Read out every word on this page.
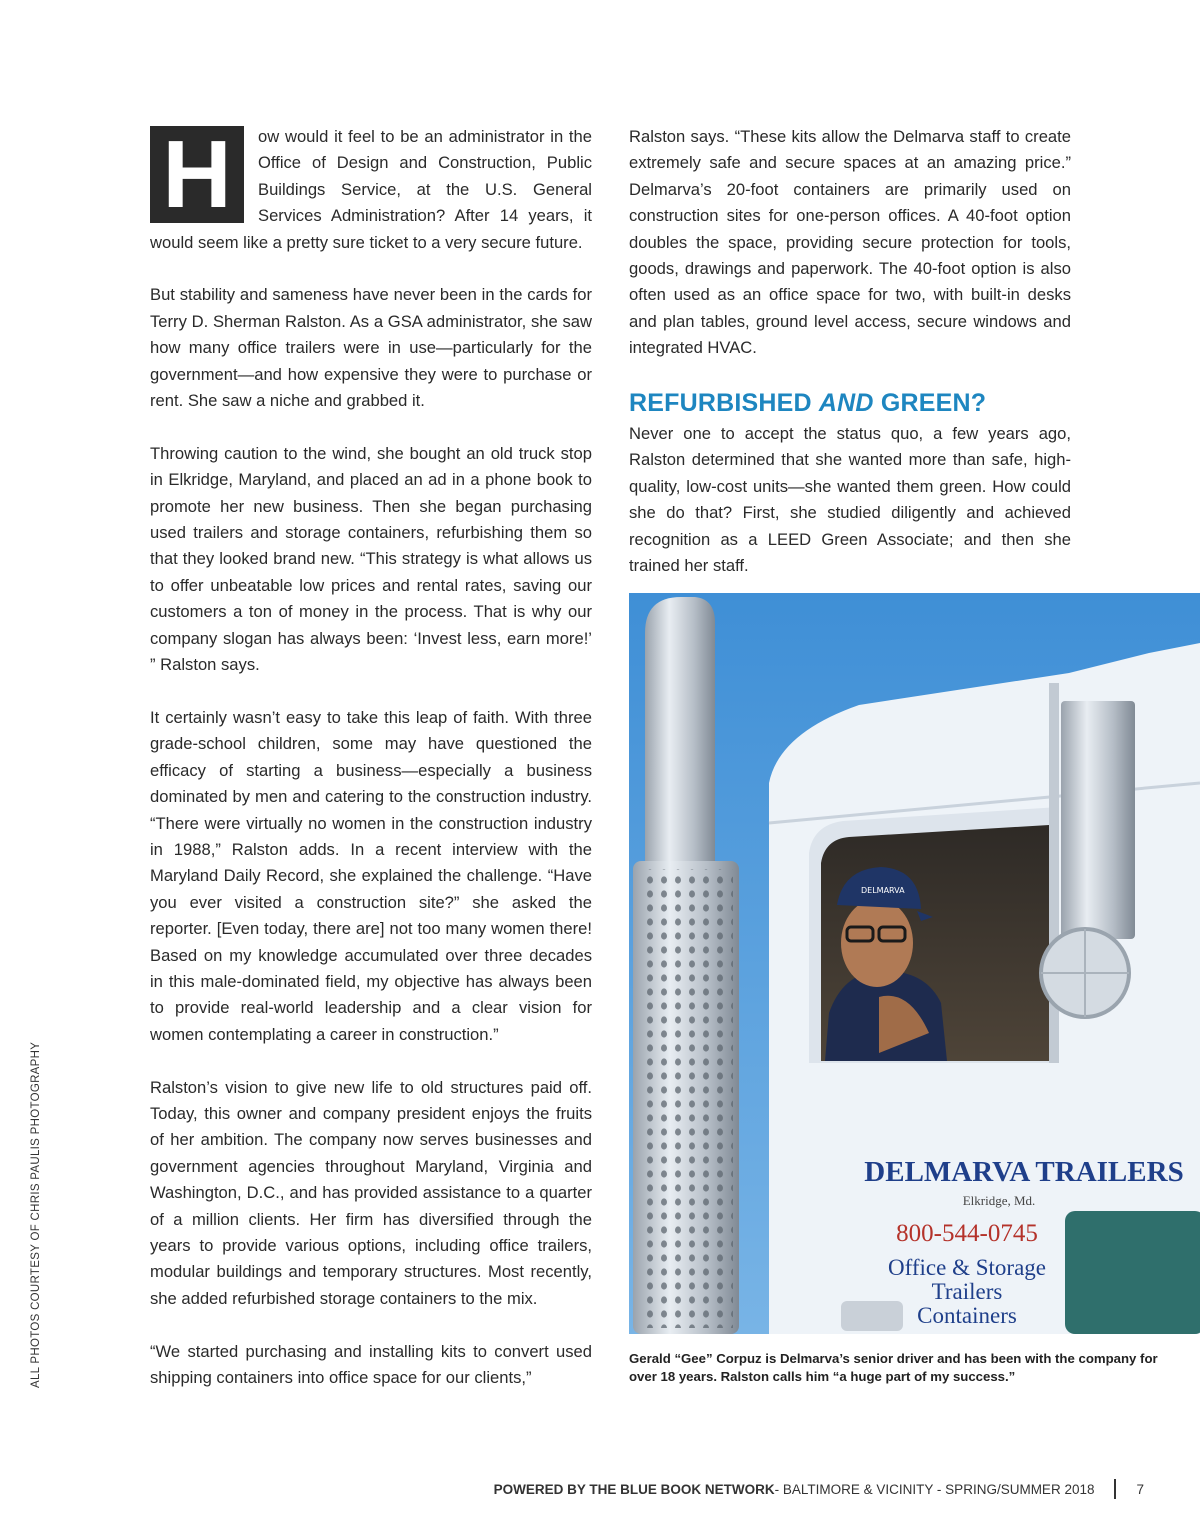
H	ow would it feel to be an administrator in the Office of Design and Construction, Public Buildings Service, at the U.S. General Services Administration? After 14 years, it would seem like a pretty sure ticket to a very secure future.

But stability and sameness have never been in the cards for Terry D. Sherman Ralston. As a GSA administrator, she saw how many office trailers were in use—particularly for the government—and how expensive they were to purchase or rent. She saw a niche and grabbed it.

Throwing caution to the wind, she bought an old truck stop in Elkridge, Maryland, and placed an ad in a phone book to promote her new business. Then she began purchasing used trailers and storage containers, refurbishing them so that they looked brand new. “This strategy is what allows us to offer unbeatable low prices and rental rates, saving our customers a ton of money in the process. That is why our company slogan has always been: ‘Invest less, earn more!’ ” Ralston says.

It certainly wasn’t easy to take this leap of faith. With three grade-school children, some may have questioned the efficacy of starting a business—especially a business dominated by men and catering to the construction industry. “There were virtually no women in the construction industry in 1988,” Ralston adds. In a recent interview with the Maryland Daily Record, she explained the challenge. “Have you ever visited a construction site?” she asked the reporter. [Even today, there are] not too many women there! Based on my knowledge accumulated over three decades in this male-dominated field, my objective has always been to provide real-world leadership and a clear vision for women contemplating a career in construction.”

Ralston’s vision to give new life to old structures paid off. Today, this owner and company president enjoys the fruits of her ambition. The company now serves businesses and government agencies throughout Maryland, Virginia and Washington, D.C., and has provided assistance to a quarter of a million clients. Her firm has diversified through the years to provide various options, including office trailers, modular buildings and temporary structures. Most recently, she added refurbished storage containers to the mix.

“We started purchasing and installing kits to convert used shipping containers into office space for our clients,”

Ralston says. “These kits allow the Delmarva staff to create extremely safe and secure spaces at an amazing price.” Delmarva’s 20-foot containers are primarily used on construction sites for one-person offices. A 40-foot option doubles the space, providing secure protection for tools, goods, drawings and paperwork. The 40-foot option is also often used as an office space for two, with built-in desks and plan tables, ground level access, secure windows and integrated HVAC.

REFURBISHED AND GREEN?

Never one to accept the status quo, a few years ago, Ralston determined that she wanted more than safe, high-quality, low-cost units—she wanted them green. How could she do that? First, she studied diligently and achieved recognition as a LEED Green Associate; and then she trained her staff.

DELMARVA
DELMARVA TRAILERS
Elkridge, Md.
800-544-0745
Office & Storage
Trailers
Containers
Gerald “Gee” Corpuz is Delmarva’s senior driver and has been with the company for over 18 years. Ralston calls him “a huge part of my success.”
ALL PHOTOS COURTESY OF CHRIS PAULIS PHOTOGRAPHY
POWERED BY THE BLUE BOOK NETWORK - BALTIMORE & VICINITY - SPRING/SUMMER 2018	7
